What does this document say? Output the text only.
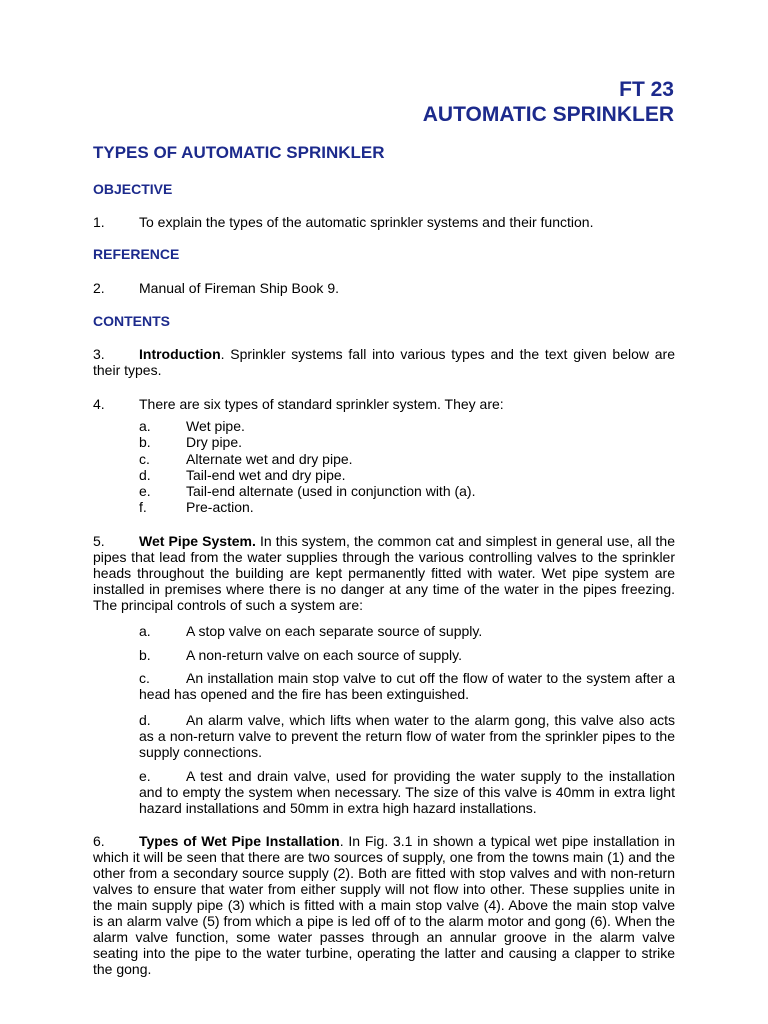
FT 23
AUTOMATIC SPRINKLER
TYPES OF AUTOMATIC SPRINKLER
OBJECTIVE

1. To explain the types of the automatic sprinkler systems and their function.

REFERENCE

2. Manual of Fireman Ship Book 9.

CONTENTS

3. Introduction. Sprinkler systems fall into various types and the text given below are their types.

4. There are six types of standard sprinkler system. They are:

a.	Wet pipe.
b.	Dry pipe.
c.	Alternate wet and dry pipe.
d.	Tail-end wet and dry pipe.
e.	Tail-end alternate (used in conjunction with (a).
f.	Pre-action.

5. Wet Pipe System. In this system, the common cat and simplest in general use, all the pipes that lead from the water supplies through the various controlling valves to the sprinkler heads throughout the building are kept permanently fitted with water. Wet pipe system are installed in premises where there is no danger at any time of the water in the pipes freezing. The principal controls of such a system are:

a.	A stop valve on each separate source of supply.

b.	A non-return valve on each source of supply.

c.	An installation main stop valve to cut off the flow of water to the system after a head has opened and the fire has been extinguished.

d.	An alarm valve, which lifts when water to the alarm gong, this valve also acts as a non-return valve to prevent the return flow of water from the sprinkler pipes to the supply connections.

e.	A test and drain valve, used for providing the water supply to the installation and to empty the system when necessary. The size of this valve is 40mm in extra light hazard installations and 50mm in extra high hazard installations.

6. Types of Wet Pipe Installation. In Fig. 3.1 in shown a typical wet pipe installation in which it will be seen that there are two sources of supply, one from the towns main (1) and the other from a secondary source supply (2). Both are fitted with stop valves and with non-return valves to ensure that water from either supply will not flow into other. These supplies unite in the main supply pipe (3) which is fitted with a main stop valve (4). Above the main stop valve is an alarm valve (5) from which a pipe is led off of to the alarm motor and gong (6). When the alarm valve function, some water passes through an annular groove in the alarm valve seating into the pipe to the water turbine, operating the latter and causing a clapper to strike the gong.
